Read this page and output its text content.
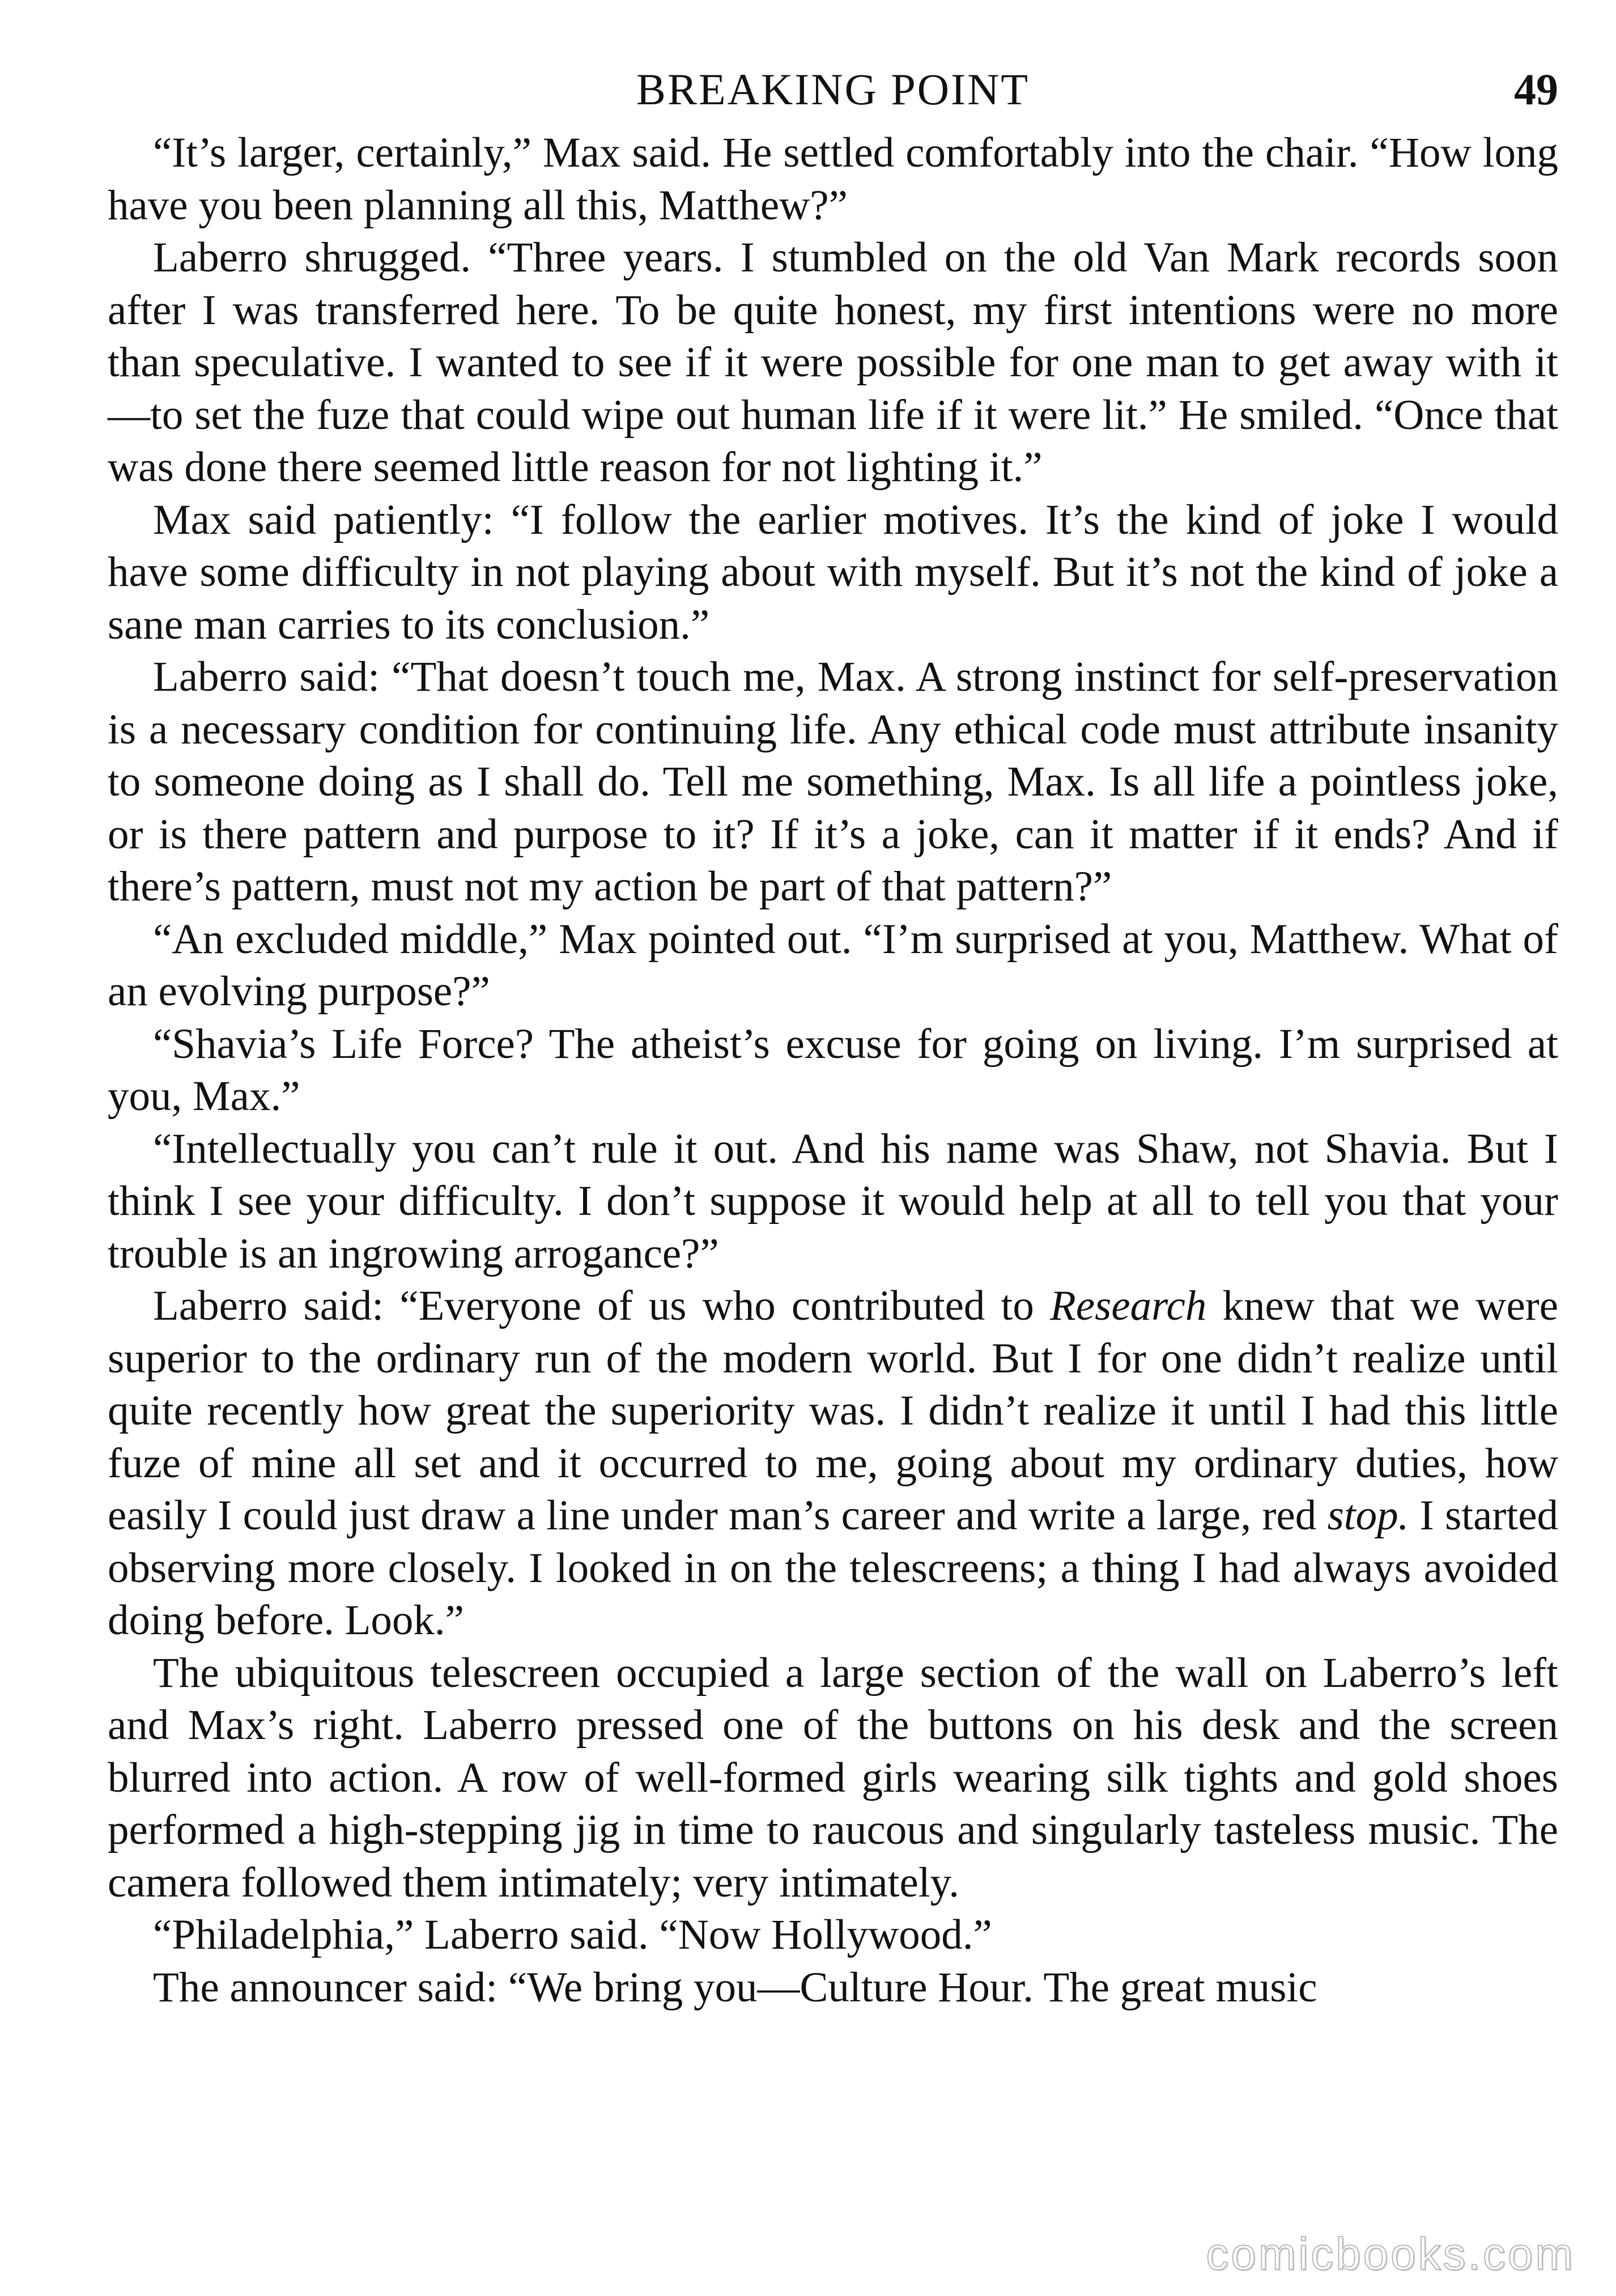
BREAKING POINT	49

“It’s larger, certainly,” Max said. He settled comfortably into the chair. “How long have you been planning all this, Matthew?”

Laberro shrugged. “Three years. I stumbled on the old Van Mark records soon after I was transferred here. To be quite honest, my first intentions were no more than speculative. I wanted to see if it were possible for one man to get away with it—to set the fuze that could wipe out human life if it were lit.” He smiled. “Once that was done there seemed little reason for not lighting it.”

Max said patiently: “I follow the earlier motives. It’s the kind of joke I would have some difficulty in not playing about with myself. But it’s not the kind of joke a sane man carries to its conclusion.”

Laberro said: “That doesn’t touch me, Max. A strong instinct for self-preservation is a necessary condition for continuing life. Any ethical code must attribute insanity to someone doing as I shall do. Tell me something, Max. Is all life a pointless joke, or is there pattern and purpose to it? If it’s a joke, can it matter if it ends? And if there’s pattern, must not my action be part of that pattern?”

“An excluded middle,” Max pointed out. “I’m surprised at you, Matthew. What of an evolving purpose?”

“Shavia’s Life Force? The atheist’s excuse for going on living. I’m surprised at you, Max.”

“Intellectually you can’t rule it out. And his name was Shaw, not Shavia. But I think I see your difficulty. I don’t suppose it would help at all to tell you that your trouble is an ingrowing arrogance?”

Laberro said: “Everyone of us who contributed to Research knew that we were superior to the ordinary run of the modern world. But I for one didn’t realize until quite recently how great the superiority was. I didn’t realize it until I had this little fuze of mine all set and it occurred to me, going about my ordinary duties, how easily I could just draw a line under man’s career and write a large, red stop. I started observing more closely. I looked in on the telescreens; a thing I had always avoided doing before. Look.”

The ubiquitous telescreen occupied a large section of the wall on Laberro’s left and Max’s right. Laberro pressed one of the buttons on his desk and the screen blurred into action. A row of well-formed girls wearing silk tights and gold shoes performed a high-stepping jig in time to raucous and singularly tasteless music. The camera followed them intimately; very intimately.

“Philadelphia,” Laberro said. “Now Hollywood.”

The announcer said: “We bring you—Culture Hour. The great music

comicbooks.com
